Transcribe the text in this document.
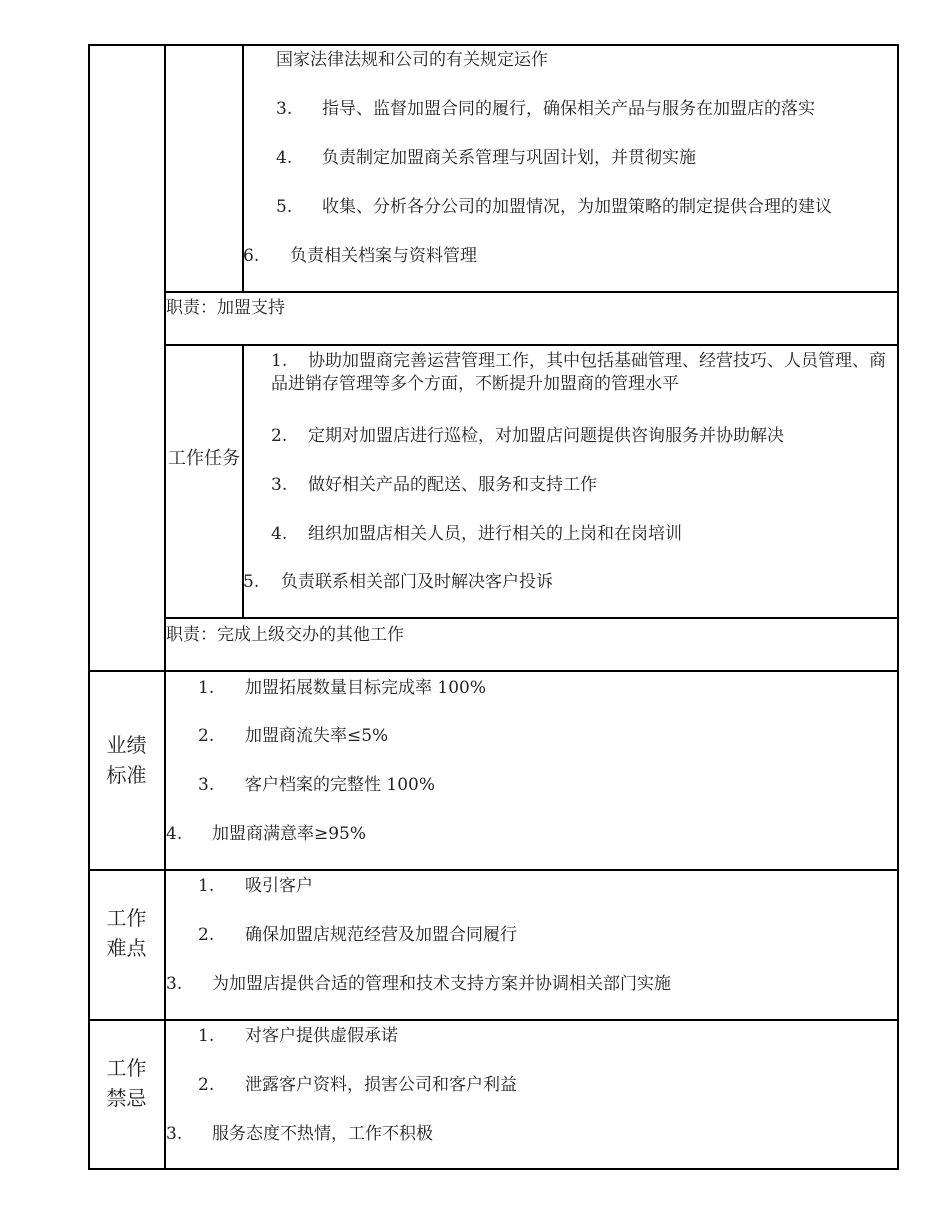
国家法律法规和公司的有关规定运作
3. 指导、监督加盟合同的履行，确保相关产品与服务在加盟店的落实
4. 负责制定加盟商关系管理与巩固计划，并贯彻实施
5. 收集、分析各分公司的加盟情况，为加盟策略的制定提供合理的建议
6. 负责相关档案与资料管理
职责：加盟支持
工作任务
1.	协助加盟商完善运营管理工作，其中包括基础管理、经营技巧、人员管理、商品进销存管理等多个方面，不断提升加盟商的管理水平
2. 定期对加盟店进行巡检，对加盟店问题提供咨询服务并协助解决
3. 做好相关产品的配送、服务和支持工作
4. 组织加盟店相关人员，进行相关的上岗和在岗培训
5. 负责联系相关部门及时解决客户投诉
职责：完成上级交办的其他工作
业绩
标准
1. 加盟拓展数量目标完成率 100%
2. 加盟商流失率≤5%
3. 客户档案的完整性 100%
4. 加盟商满意率≥95%
工作
难点
1. 吸引客户
2. 确保加盟店规范经营及加盟合同履行
3. 为加盟店提供合适的管理和技术支持方案并协调相关部门实施
工作
禁忌
1. 对客户提供虚假承诺
2. 泄露客户资料，损害公司和客户利益
3. 服务态度不热情，工作不积极
